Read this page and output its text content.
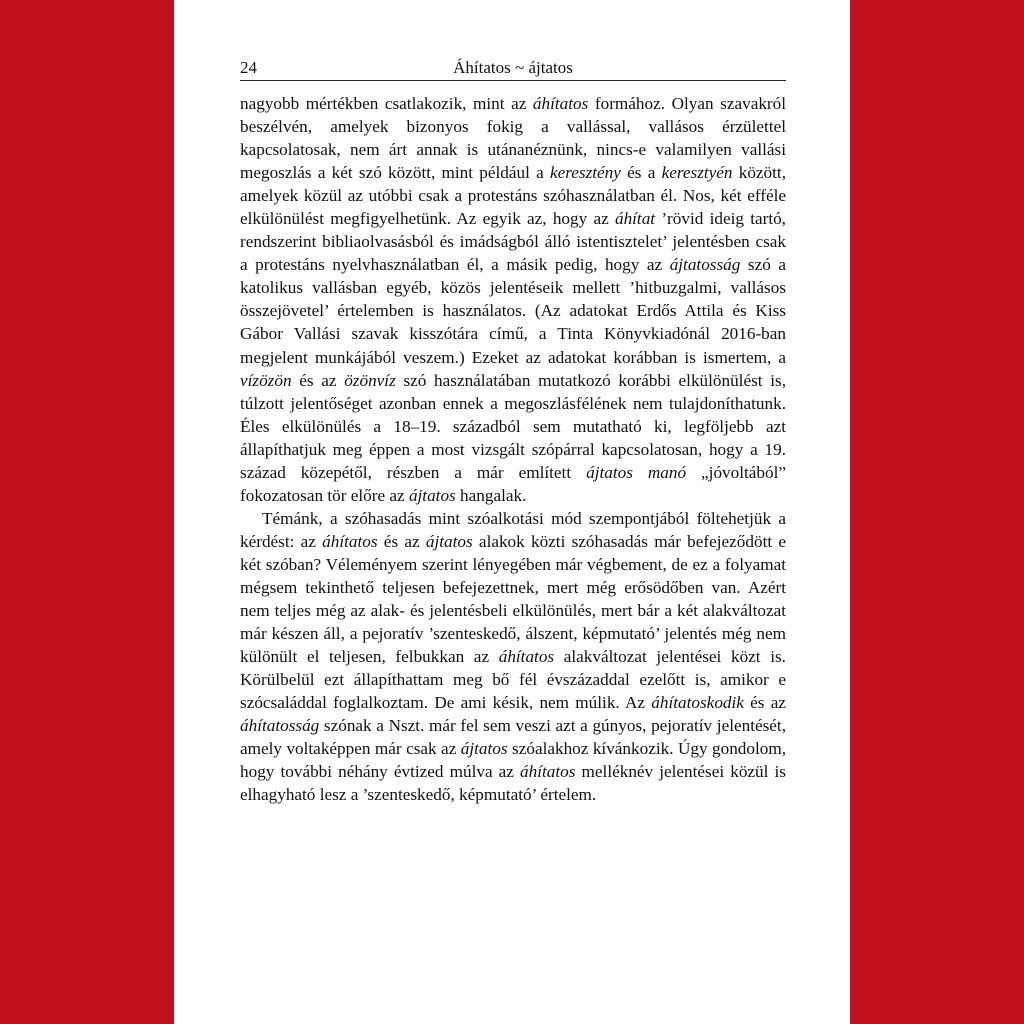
24	Áhítatos ~ ájtatos

nagyobb mértékben csatlakozik, mint az áhítatos formához. Olyan szavakról beszélvén, amelyek bizonyos fokig a vallással, vallásos érzülettel kapcsolatosak, nem árt annak is utánanéznünk, nincs-e valamilyen vallási megoszlás a két szó között, mint például a keresztény és a keresztyén között, amelyek közül az utóbbi csak a protestáns szóhasználatban él. Nos, két efféle elkülönülést megfigyelhetünk. Az egyik az, hogy az áhítat ’rövid ideig tartó, rendszerint bibliaolvasásból és imádságból álló istentisztelet’ jelentésben csak a protestáns nyelvhasználatban él, a másik pedig, hogy az ájtatosság szó a katolikus vallásban egyéb, közös jelentéseik mellett ’hitbuzgalmi, vallásos összejövetel’ értelemben is használatos. (Az adatokat Erdős Attila és Kiss Gábor Vallási szavak kisszótára című, a Tinta Könyvkiadónál 2016-ban megjelent munkájából veszem.) Ezeket az adatokat korábban is ismertem, a vízözön és az özönvíz szó használatában mutatkozó korábbi elkülönülést is, túlzott jelentőséget azonban ennek a megoszlásfélének nem tulajdoníthatunk. Éles elkülönülés a 18–19. századból sem mutatható ki, legföljebb azt állapíthatjuk meg éppen a most vizsgált szópárral kapcsolatosan, hogy a 19. század közepétől, részben a már említett ájtatos manó „jóvoltából” fokozatosan tör előre az ájtatos hangalak.

Témánk, a szóhasadás mint szóalkotási mód szempontjából föltehetjük a kérdést: az áhítatos és az ájtatos alakok közti szóhasadás már befejeződött e két szóban? Véleményem szerint lényegében már végbement, de ez a folyamat mégsem tekinthető teljesen befejezettnek, mert még erősödőben van. Azért nem teljes még az alak- és jelentésbeli elkülönülés, mert bár a két alakváltozat már készen áll, a pejoratív ’szenteskedő, álszent, képmutató’ jelentés még nem különült el teljesen, felbukkan az áhítatos alakváltozat jelentései közt is. Körülbelül ezt állapíthattam meg bő fél évszázaddal ezelőtt is, amikor e szócsaláddal foglalkoztam. De ami késik, nem múlik. Az áhítatoskodik és az áhítatosság szónak a Nszt. már fel sem veszi azt a gúnyos, pejoratív jelentését, amely voltaképpen már csak az ájtatos szóalakhoz kívánkozik. Úgy gondolom, hogy további néhány évtized múlva az áhítatos melléknév jelentései közül is elhagyható lesz a ’szenteskedő, képmutató’ értelem.
